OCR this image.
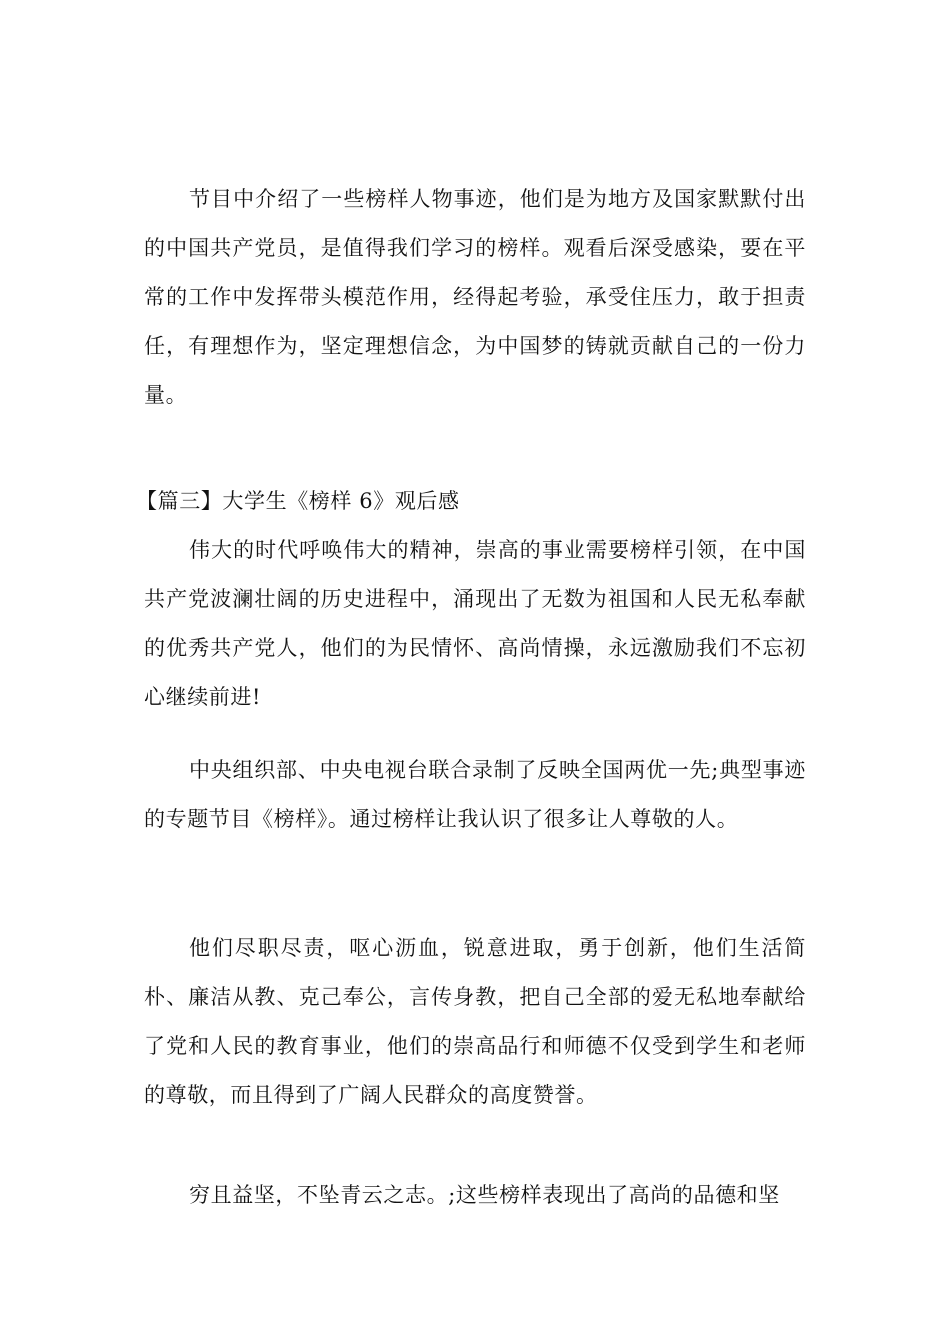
节目中介绍了一些榜样人物事迹，他们是为地方及国家默默付出的中国共产党员，是值得我们学习的榜样。观看后深受感染，要在平常的工作中发挥带头模范作用，经得起考验，承受住压力，敢于担责任，有理想作为，坚定理想信念，为中国梦的铸就贡献自己的一份力量。

【篇三】大学生《榜样 6》观后感

伟大的时代呼唤伟大的精神，崇高的事业需要榜样引领，在中国共产党波澜壮阔的历史进程中，涌现出了无数为祖国和人民无私奉献的优秀共产党人，他们的为民情怀、高尚情操，永远激励我们不忘初心继续前进!

中央组织部、中央电视台联合录制了反映全国两优一先;典型事迹的专题节目《榜样》。通过榜样让我认识了很多让人尊敬的人。

他们尽职尽责，呕心沥血，锐意进取，勇于创新，他们生活简朴、廉洁从教、克己奉公，言传身教，把自己全部的爱无私地奉献给了党和人民的教育事业，他们的崇高品行和师德不仅受到学生和老师的尊敬，而且得到了广阔人民群众的高度赞誉。

穷且益坚，不坠青云之志。;这些榜样表现出了高尚的品德和坚
